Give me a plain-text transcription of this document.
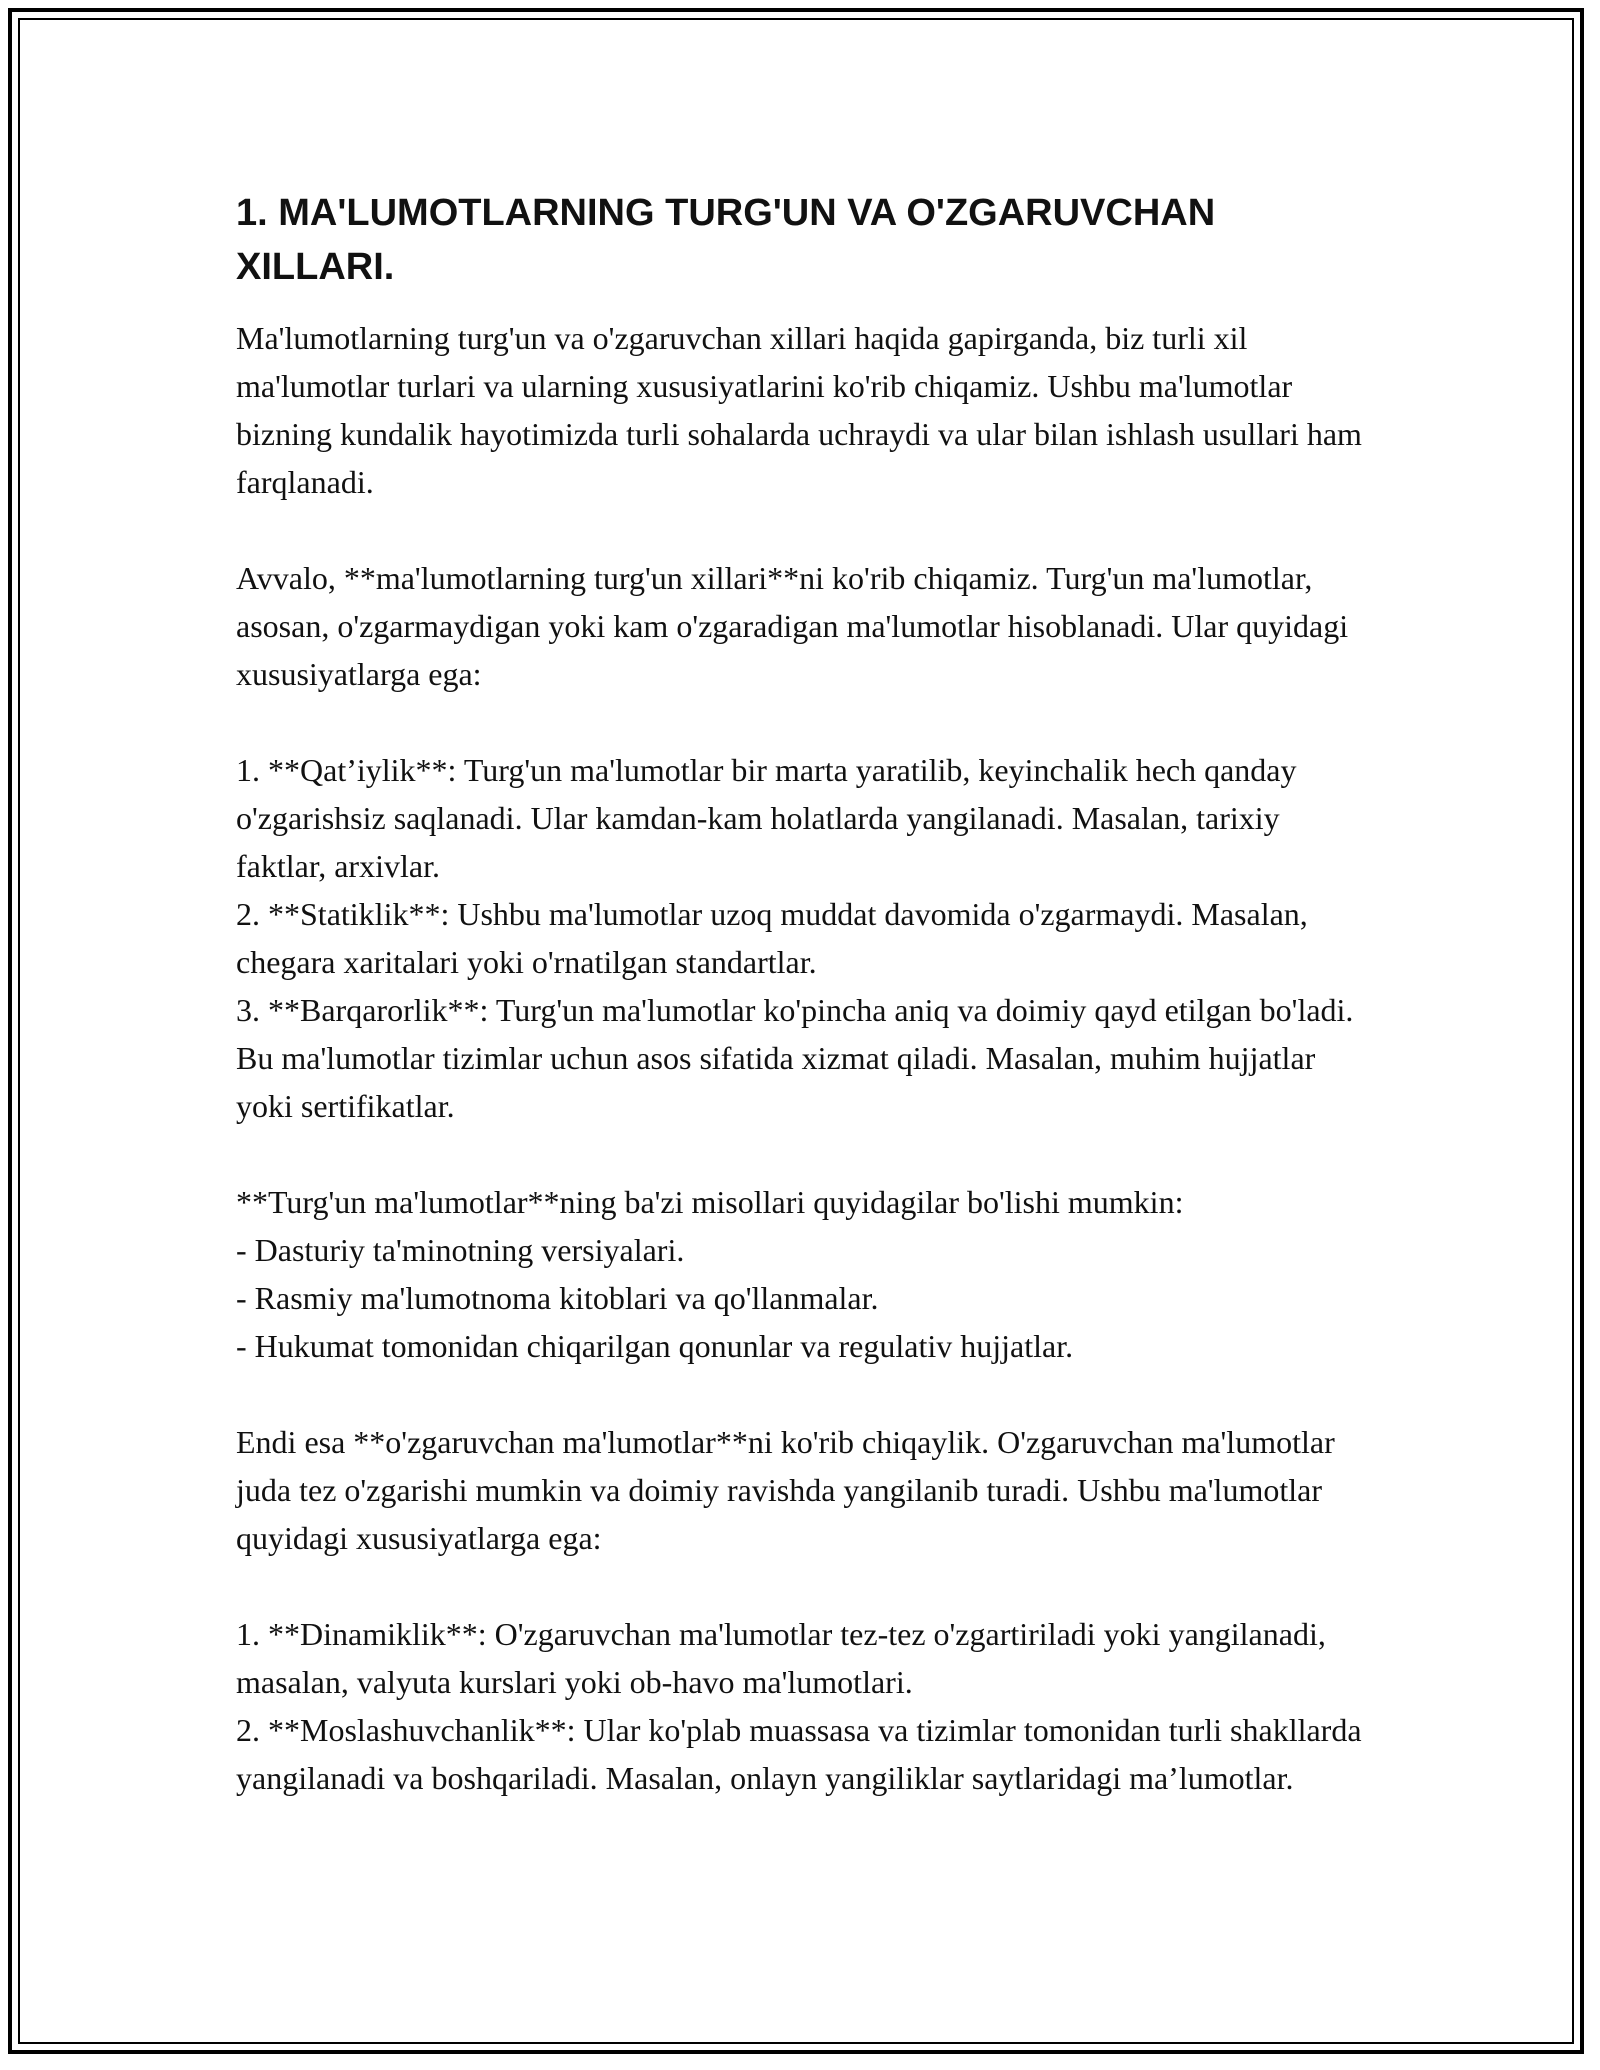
1. MA'LUMOTLARNING TURG'UN VA O'ZGARUVCHAN XILLARI.

Ma'lumotlarning turg'un va o'zgaruvchan xillari haqida gapirganda, biz turli xil ma'lumotlar turlari va ularning xususiyatlarini ko'rib chiqamiz. Ushbu ma'lumotlar bizning kundalik hayotimizda turli sohalarda uchraydi va ular bilan ishlash usullari ham farqlanadi.

Avvalo, **ma'lumotlarning turg'un xillari**ni ko'rib chiqamiz. Turg'un ma'lumotlar, asosan, o'zgarmaydigan yoki kam o'zgaradigan ma'lumotlar hisoblanadi. Ular quyidagi xususiyatlarga ega:

1. **Qat’iylik**: Turg'un ma'lumotlar bir marta yaratilib, keyinchalik hech qanday o'zgarishsiz saqlanadi. Ular kamdan-kam holatlarda yangilanadi. Masalan, tarixiy faktlar, arxivlar.
2. **Statiklik**: Ushbu ma'lumotlar uzoq muddat davomida o'zgarmaydi. Masalan, chegara xaritalari yoki o'rnatilgan standartlar.
3. **Barqarorlik**: Turg'un ma'lumotlar ko'pincha aniq va doimiy qayd etilgan bo'ladi. Bu ma'lumotlar tizimlar uchun asos sifatida xizmat qiladi. Masalan, muhim hujjatlar yoki sertifikatlar.
**Turg'un ma'lumotlar**ning ba'zi misollari quyidagilar bo'lishi mumkin:
- Dasturiy ta'minotning versiyalari.
- Rasmiy ma'lumotnoma kitoblari va qo'llanmalar.
- Hukumat tomonidan chiqarilgan qonunlar va regulativ hujjatlar.

Endi esa **o'zgaruvchan ma'lumotlar**ni ko'rib chiqaylik. O'zgaruvchan ma'lumotlar juda tez o'zgarishi mumkin va doimiy ravishda yangilanib turadi. Ushbu ma'lumotlar quyidagi xususiyatlarga ega:

1. **Dinamiklik**: O'zgaruvchan ma'lumotlar tez-tez o'zgartiriladi yoki yangilanadi, masalan, valyuta kurslari yoki ob-havo ma'lumotlari.
2. **Moslashuvchanlik**: Ular ko'plab muassasa va tizimlar tomonidan turli shakllarda yangilanadi va boshqariladi. Masalan, onlayn yangiliklar saytlaridagi ma’lumotlar.
